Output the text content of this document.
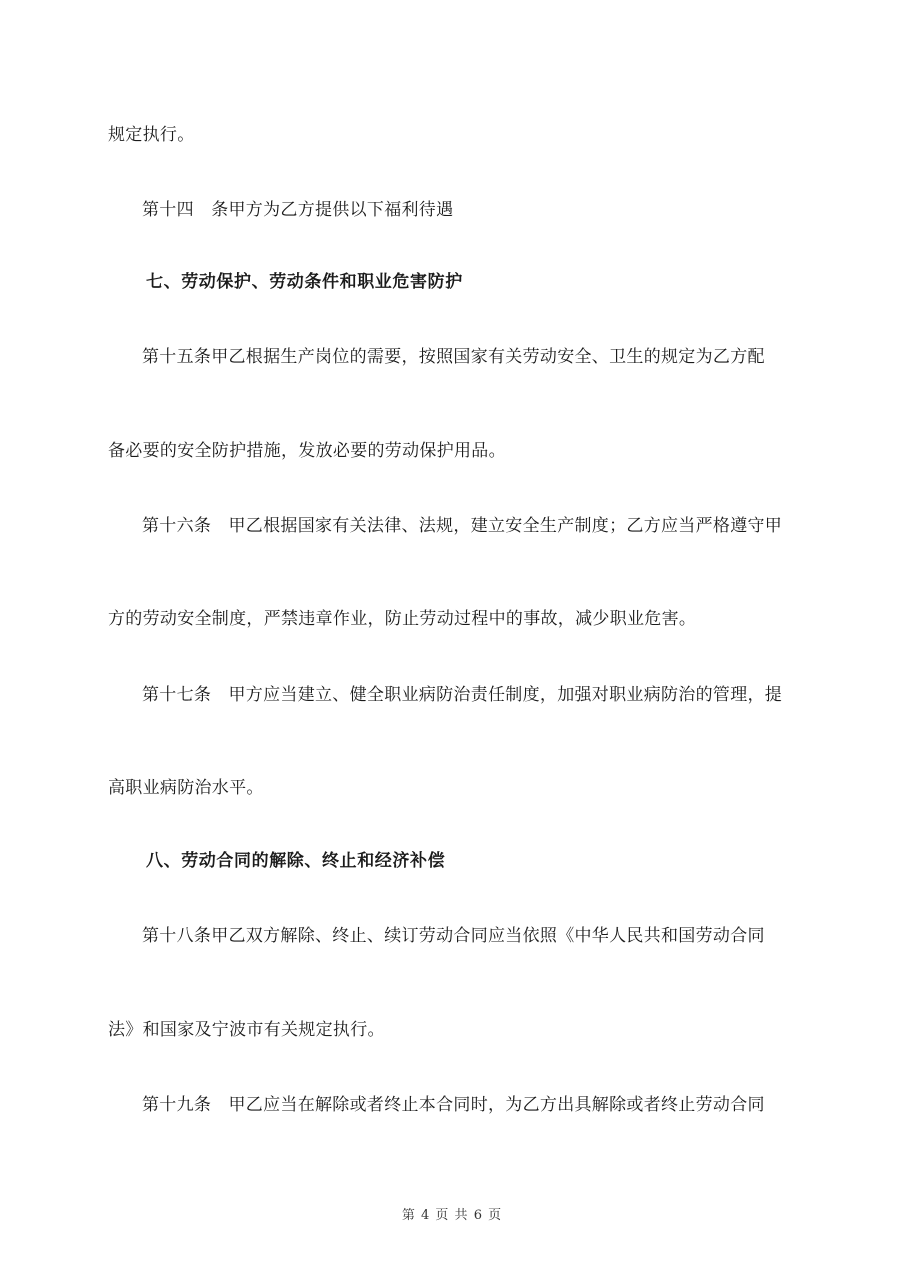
规定执行。
第十四　条甲方为乙方提供以下福利待遇
七、劳动保护、劳动条件和职业危害防护
第十五条甲乙根据生产岗位的需要，按照国家有关劳动安全、卫生的规定为乙方配
备必要的安全防护措施，发放必要的劳动保护用品。
第十六条　甲乙根据国家有关法律、法规，建立安全生产制度；乙方应当严格遵守甲
方的劳动安全制度，严禁违章作业，防止劳动过程中的事故，减少职业危害。
第十七条　甲方应当建立、健全职业病防治责任制度，加强对职业病防治的管理，提
高职业病防治水平。
八、劳动合同的解除、终止和经济补偿
第十八条甲乙双方解除、终止、续订劳动合同应当依照《中华人民共和国劳动合同
法》和国家及宁波市有关规定执行。
第十九条　甲乙应当在解除或者终止本合同时，为乙方出具解除或者终止劳动合同
第 4 页 共 6 页
